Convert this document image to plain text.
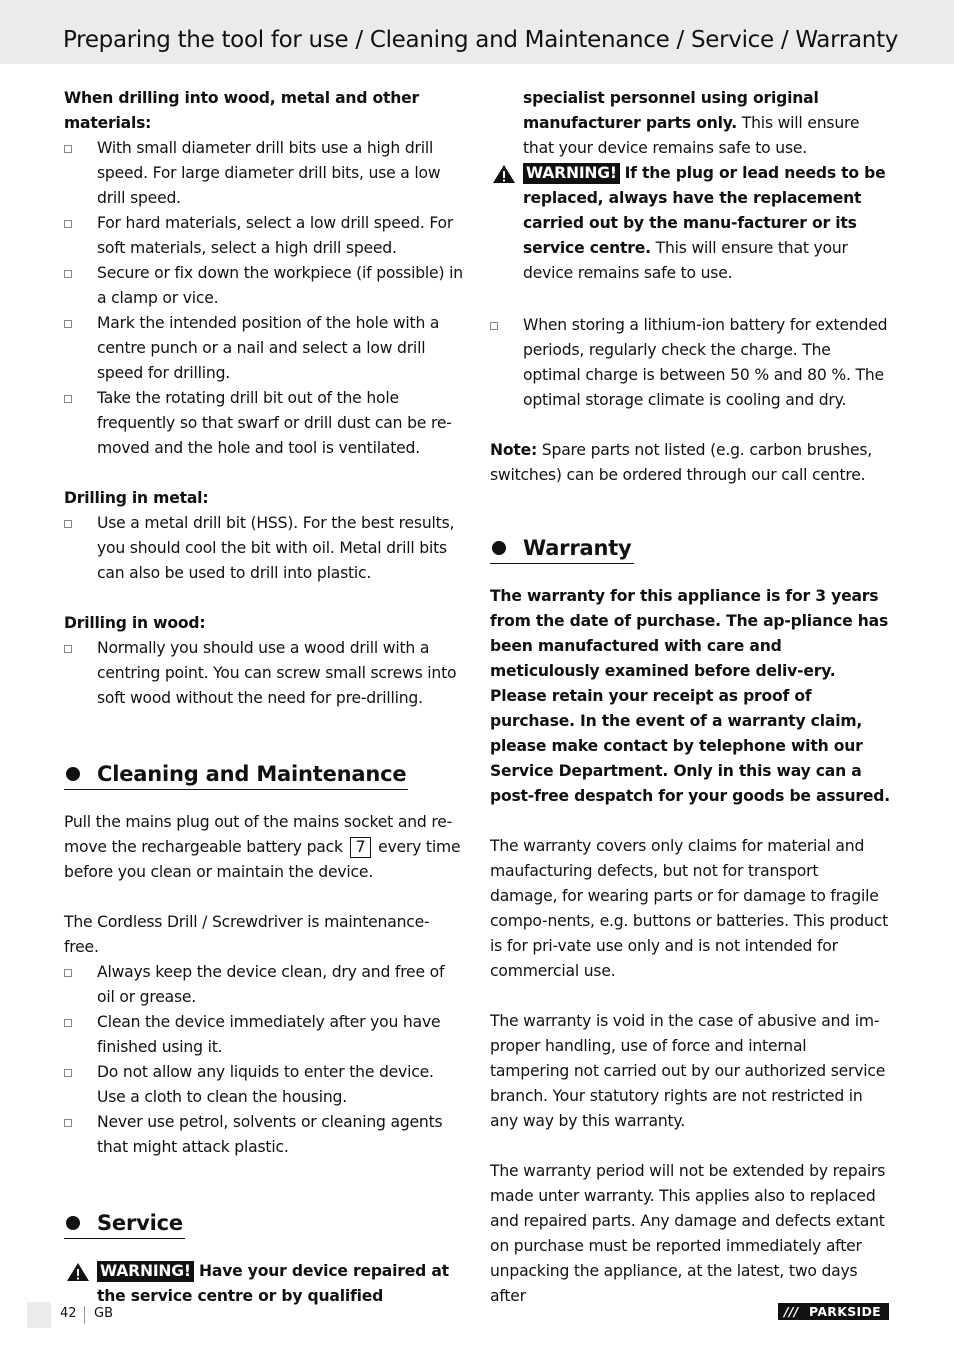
Preparing the tool for use / Cleaning and Maintenance / Service / Warranty

When drilling into wood, metal and other materials:

With small diameter drill bits use a high drill speed. For large diameter drill bits, use a low drill speed.
For hard materials, select a low drill speed. For soft materials, select a high drill speed.
Secure or fix down the workpiece (if possible) in a clamp or vice.
Mark the intended position of the hole with a centre punch or a nail and select a low drill speed for drilling.
Take the rotating drill bit out of the hole frequently so that swarf or drill dust can be re-moved and the hole and tool is ventilated.

Drilling in metal:

Use a metal drill bit (HSS). For the best results, you should cool the bit with oil. Metal drill bits can also be used to drill into plastic.

Drilling in wood:

Normally you should use a wood drill with a centring point. You can screw small screws into soft wood without the need for pre-drilling.
Cleaning and Maintenance

Pull the mains plug out of the mains socket and re-move the rechargeable battery pack 7 every time before you clean or maintain the device.

The Cordless Drill / Screwdriver is maintenance-free.

Always keep the device clean, dry and free of oil or grease.
Clean the device immediately after you have finished using it.
Do not allow any liquids to enter the device. Use a cloth to clean the housing.
Never use petrol, solvents or cleaning agents that might attack plastic.
Service
WARNING! Have your device repaired at the service centre or by qualified

specialist personnel using original manufacturer parts only. This will ensure that your device remains safe to use.

WARNING! If the plug or lead needs to be replaced, always have the replacement carried out by the manu-facturer or its service centre. This will ensure that your device remains safe to use.
When storing a lithium-ion battery for extended periods, regularly check the charge. The optimal charge is between 50 % and 80 %. The optimal storage climate is cooling and dry.

Note: Spare parts not listed (e.g. carbon brushes, switches) can be ordered through our call centre.

Warranty

The warranty for this appliance is for 3 years from the date of purchase. The ap-pliance has been manufactured with care and meticulously examined before deliv-ery. Please retain your receipt as proof of purchase. In the event of a warranty claim, please make contact by telephone with our Service Department. Only in this way can a post-free despatch for your goods be assured.

The warranty covers only claims for material and maufacturing defects, but not for transport damage, for wearing parts or for damage to fragile compo-nents, e.g. buttons or batteries. This product is for pri-vate use only and is not intended for commercial use.

The warranty is void in the case of abusive and im-proper handling, use of force and internal tampering not carried out by our authorized service branch. Your statutory rights are not restricted in any way by this warranty.

The warranty period will not be extended by repairs made unter warranty. This applies also to replaced and repaired parts. Any damage and defects extant on purchase must be reported immediately after unpacking the appliance, at the latest, two days after

42 GB	/// PARKSIDE
